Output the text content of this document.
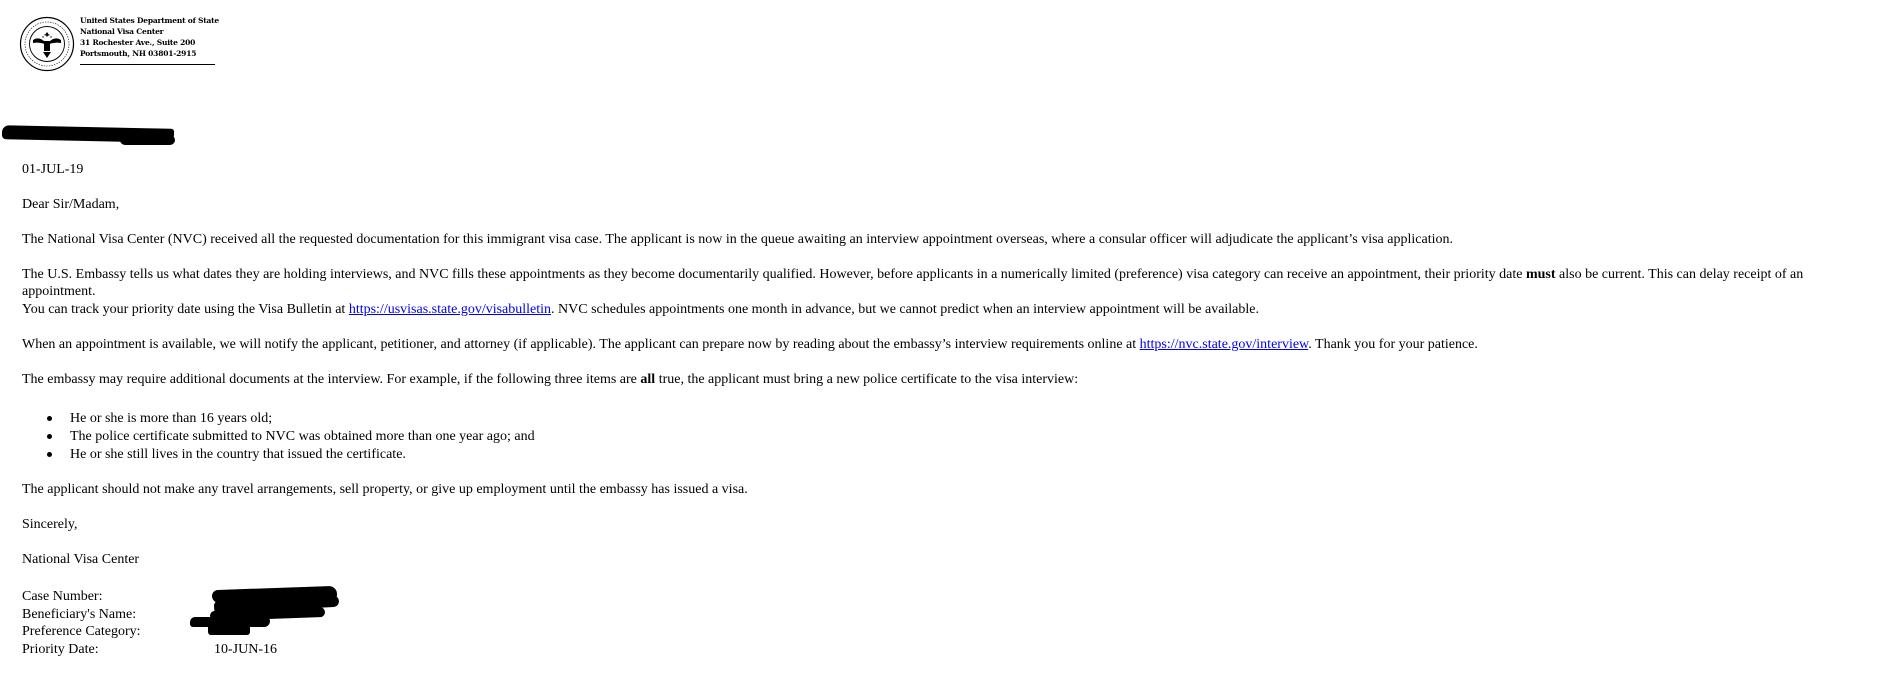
United States Department of State
National Visa Center
31 Rochester Ave., Suite 200
Portsmouth, NH 03801-2915
01-JUL-19
Dear Sir/Madam,
The National Visa Center (NVC) received all the requested documentation for this immigrant visa case. The applicant is now in the queue awaiting an interview appointment overseas, where a consular officer will adjudicate the applicant’s visa application.
The U.S. Embassy tells us what dates they are holding interviews, and NVC fills these appointments as they become documentarily qualified. However, before applicants in a numerically limited (preference) visa category can receive an appointment, their priority date must also be current. This can delay receipt of an appointment.
You can track your priority date using the Visa Bulletin at https://usvisas.state.gov/visabulletin. NVC schedules appointments one month in advance, but we cannot predict when an interview appointment will be available.
When an appointment is available, we will notify the applicant, petitioner, and attorney (if applicable). The applicant can prepare now by reading about the embassy’s interview requirements online at https://nvc.state.gov/interview. Thank you for your patience.
The embassy may require additional documents at the interview. For example, if the following three items are all true, the applicant must bring a new police certificate to the visa interview:
He or she is more than 16 years old;
The police certificate submitted to NVC was obtained more than one year ago; and
He or she still lives in the country that issued the certificate.
The applicant should not make any travel arrangements, sell property, or give up employment until the embassy has issued a visa.
Sincerely,
National Visa Center
Case Number:
Beneficiary's Name:
Preference Category:
Priority Date:	10-JUN-16
